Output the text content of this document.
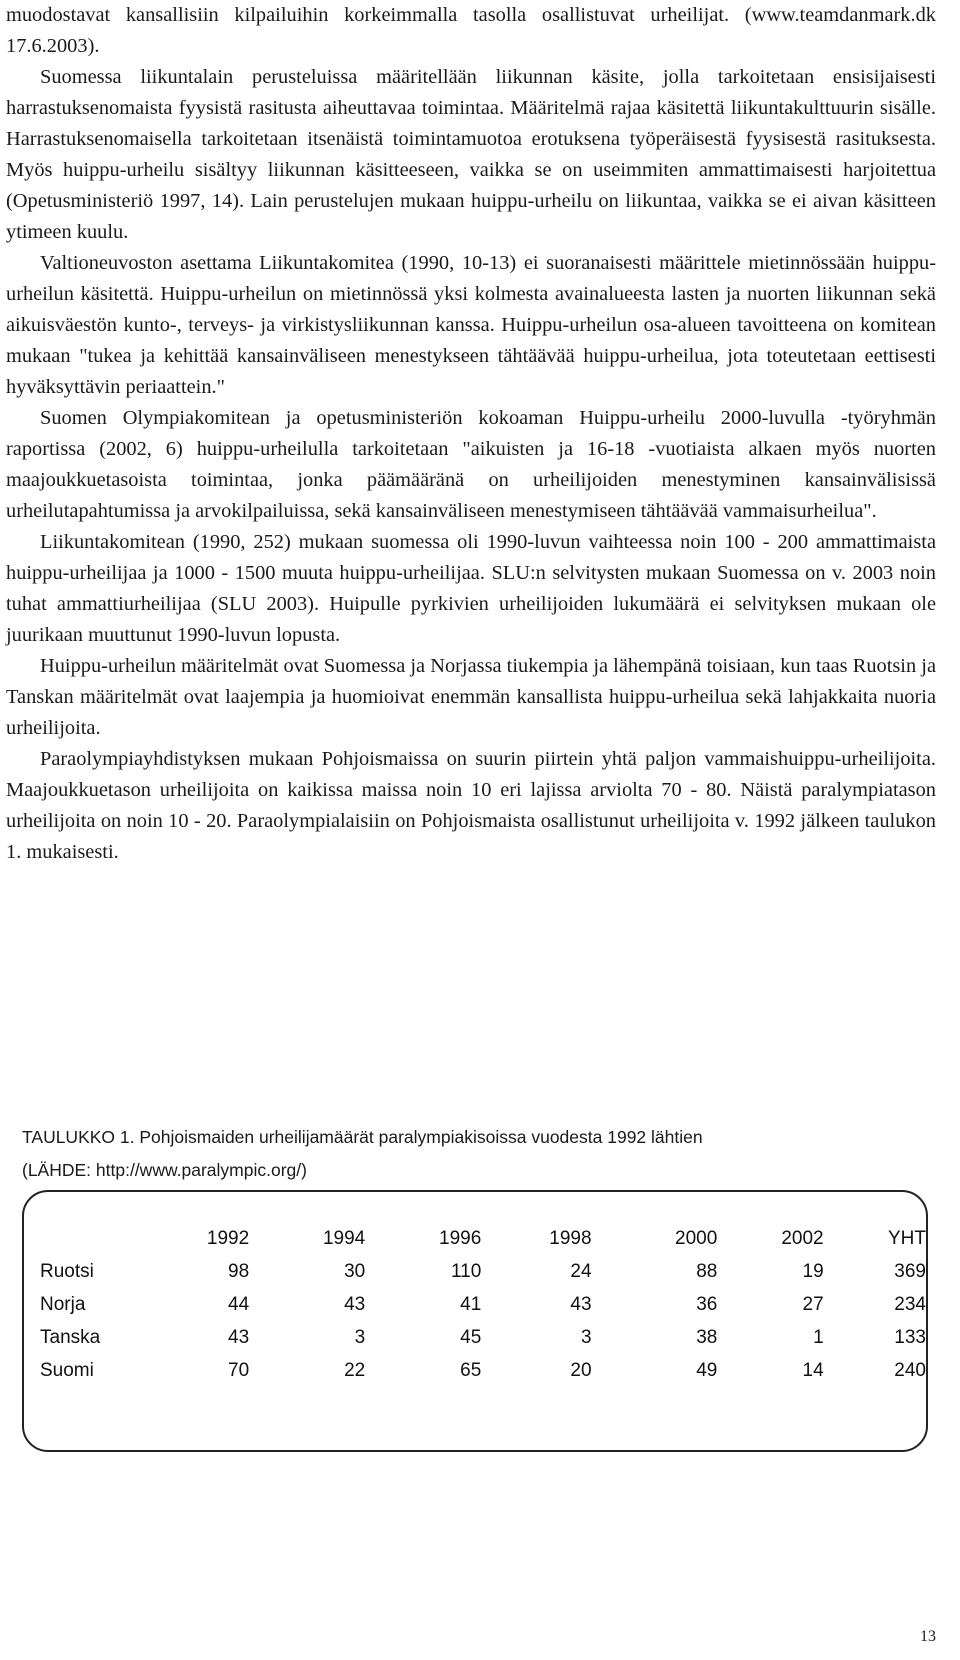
muodostavat kansallisiin kilpailuihin korkeimmalla tasolla osallistuvat urheilijat. (www.teamdanmark.dk 17.6.2003).

Suomessa liikuntalain perusteluissa määritellään liikunnan käsite, jolla tarkoitetaan ensisijaisesti harrastuksenomaista fyysistä rasitusta aiheuttavaa toimintaa. Määritelmä rajaa käsitettä liikuntakulttuurin sisälle. Harrastuksenomaisella tarkoitetaan itsenäistä toimintamuotoa erotuksena työperäisestä fyysisestä rasituksesta. Myös huippu-urheilu sisältyy liikunnan käsitteeseen, vaikka se on useimmiten ammattimaisesti harjoitettua (Opetusministeriö 1997, 14). Lain perustelujen mukaan huippu-urheilu on liikuntaa, vaikka se ei aivan käsitteen ytimeen kuulu.

Valtioneuvoston asettama Liikuntakomitea (1990, 10-13) ei suoranaisesti määrittele mietinnössään huippu-urheilun käsitettä. Huippu-urheilun on mietinnössä yksi kolmesta avainalueesta lasten ja nuorten liikunnan sekä aikuisväestön kunto-, terveys- ja virkistysliikunnan kanssa. Huippu-urheilun osa-alueen tavoitteena on komitean mukaan "tukea ja kehittää kansainväliseen menestykseen tähtäävää huippu-urheilua, jota toteutetaan eettisesti hyväksyttävin periaattein."

Suomen Olympiakomitean ja opetusministeriön kokoaman Huippu-urheilu 2000-luvulla -työryhmän raportissa (2002, 6) huippu-urheilulla tarkoitetaan "aikuisten ja 16-18 -vuotiaista alkaen myös nuorten maajoukkuetasoista toimintaa, jonka päämääränä on urheilijoiden menestyminen kansainvälisissä urheilutapahtumissa ja arvokilpailuissa, sekä kansainväliseen menestymiseen tähtäävää vammaisurheilua".

Liikuntakomitean (1990, 252) mukaan suomessa oli 1990-luvun vaihteessa noin 100 - 200 ammattimaista huippu-urheilijaa ja 1000 - 1500 muuta huippu-urheilijaa. SLU:n selvitysten mukaan Suomessa on v. 2003 noin tuhat ammattiurheilijaa (SLU 2003). Huipulle pyrkivien urheilijoiden lukumäärä ei selvityksen mukaan ole juurikaan muuttunut 1990-luvun lopusta.

Huippu-urheilun määritelmät ovat Suomessa ja Norjassa tiukempia ja lähempänä toisiaan, kun taas Ruotsin ja Tanskan määritelmät ovat laajempia ja huomioivat enemmän kansallista huippu-urheilua sekä lahjakkaita nuoria urheilijoita.

Paraolympiayhdistyksen mukaan Pohjoismaissa on suurin piirtein yhtä paljon vammaishuippu-urheilijoita. Maajoukkuetason urheilijoita on kaikissa maissa noin 10 eri lajissa arviolta 70 - 80. Näistä paralympiatason urheilijoita on noin 10 - 20. Paraolympialaisiin on Pohjoismaista osallistunut urheilijoita v. 1992 jälkeen taulukon 1. mukaisesti.

TAULUKKO 1. Pohjoismaiden urheilijamäärät paralympiakisoissa vuodesta 1992 lähtien
(LÄHDE: http://www.paralympic.org/)
	1992	1994	1996	1998	2000	2002	YHT
Ruotsi	98	30	110	24	88	19	369
Norja	44	43	41	43	36	27	234
Tanska	43	3	45	3	38	1	133
Suomi	70	22	65	20	49	14	240
13
